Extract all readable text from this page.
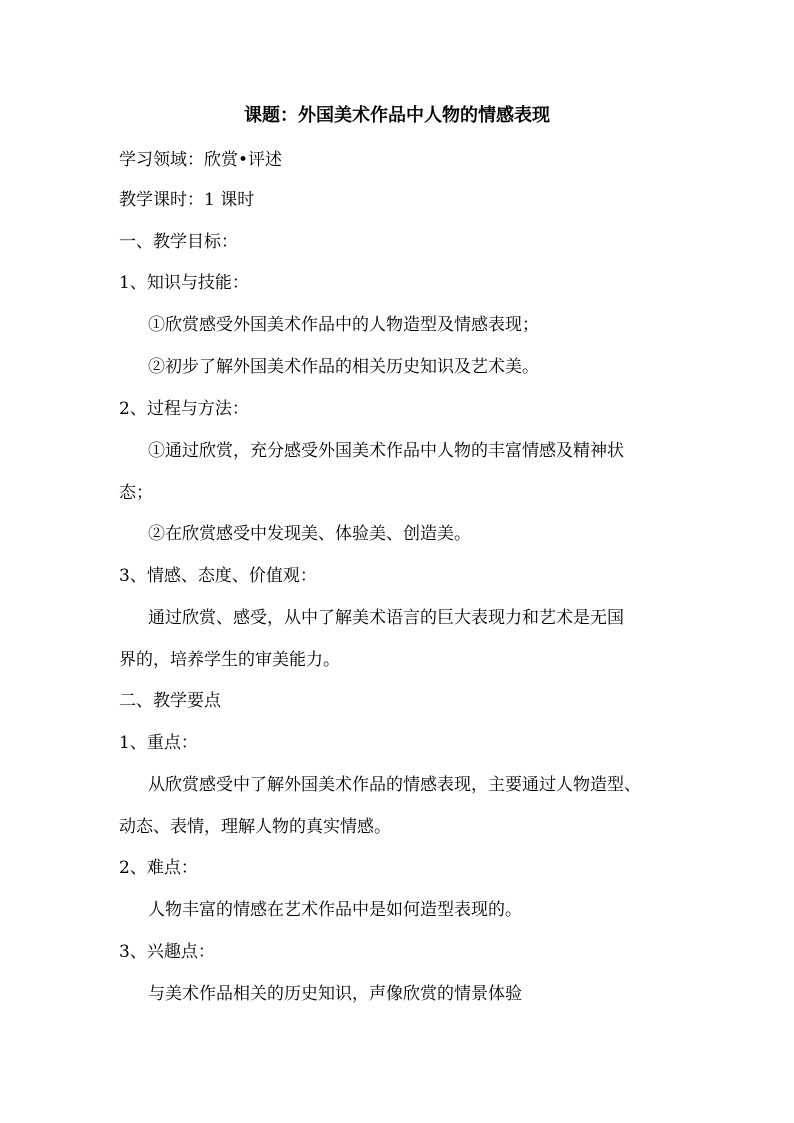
课题：外国美术作品中人物的情感表现

学习领域：欣赏•评述

教学课时：1 课时

一、教学目标：

1、知识与技能：

①欣赏感受外国美术作品中的人物造型及情感表现；

②初步了解外国美术作品的相关历史知识及艺术美。

2、过程与方法：

①通过欣赏，充分感受外国美术作品中人物的丰富情感及精神状

态；

②在欣赏感受中发现美、体验美、创造美。

3、情感、态度、价值观：

通过欣赏、感受，从中了解美术语言的巨大表现力和艺术是无国

界的，培养学生的审美能力。

二、教学要点

1、重点：

从欣赏感受中了解外国美术作品的情感表现，主要通过人物造型、

动态、表情，理解人物的真实情感。

2、难点：

人物丰富的情感在艺术作品中是如何造型表现的。

3、兴趣点：

与美术作品相关的历史知识，声像欣赏的情景体验
